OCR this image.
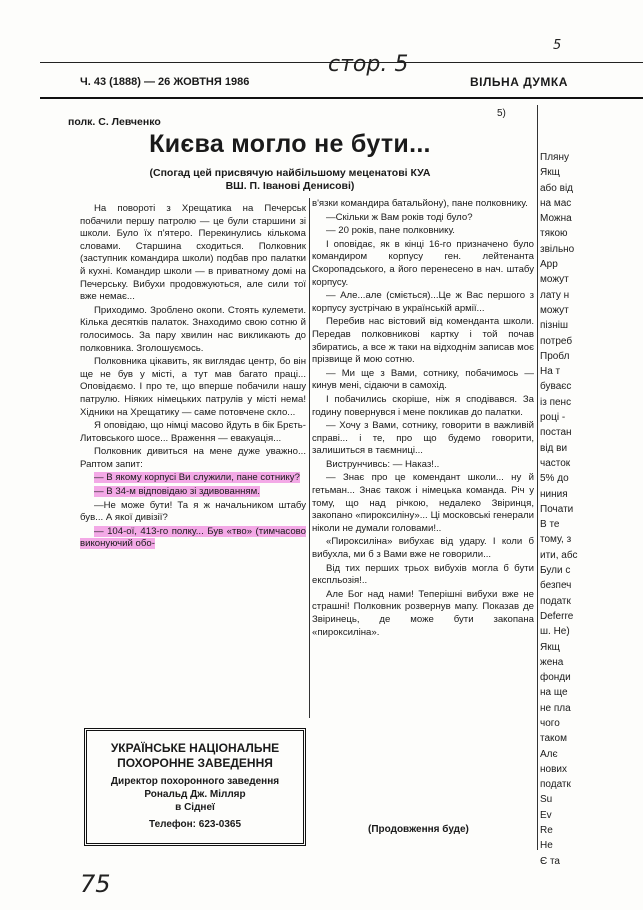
5
стор. 5
75
Ч. 43 (1888) — 26 ЖОВТНЯ 1986	ВІЛЬНА ДУМКА
полк. С. Левченко
5)
Києва могло не бути...
(Спогад цей присвячую найбільшому меценатові КУА
ВШ. П. Іванові Денисові)

На повороті з Хрещатика на Печерськ побачили першу патролю — це були старшини зі школи. Було їх п'ятеро. Перекинулись кількома словами. Старшина сходиться. Полковник (заступник командира школи) подбав про палатки й кухні. Командир школи — в приватному домі на Печерську. Вибухи продовжуються, але сили тої вже немає...

Приходимо. Зроблено окопи. Стоять кулемети. Кілька десятків палаток. Знаходимо свою сотню й голосимось. За пару хвилин нас викликають до полковника. Зголошуємось.

Полковника цікавить, як виглядає центр, бо він ще не був у місті, а тут мав багато праці... Оповідаємо. І про те, що вперше побачили нашу патрулю. Ніяких німецьких патрулів у місті нема! Хідники на Хрещатику — саме потовчене скло...

Я оповідаю, що німці масово йдуть в бік Брєть-Литовського шосе... Враження — евакуація...

Полковник дивиться на мене дуже уважно... Раптом запит:

— В якому корпусі Ви служили, пане сотнику?

— В 34-м відповідаю зі здивованням.

—Не може бути! Та я ж начальником штабу був... А якої дивізії?

— 104-ої, 413-го полку... Був «тво» (тимчасово виконуючий обо-

в'язки командира батальйону), пане полковнику.

—Скільки ж Вам років тоді було?

— 20 років, пане полковнику.

І оповідає, як в кінці 16-го призначено було командиром корпусу ген. лейтенанта Скоропадського, а його перенесено в нач. штабу корпусу.

— Але...але (сміється)...Це ж Вас першого з корпусу зустрічаю в українській армії...

Перебив нас вістовий від коменданта школи. Передав полковникові картку і той почав збиратись, а все ж таки на відходнім записав моє прізвище й мою сотню.

— Ми ще з Вами, сотнику, побачимось — кинув мені, сідаючи в самохід.

І побачились скоріше, ніж я сподівався. За годину повернувся і мене покликав до палатки.

— Хочу з Вами, сотнику, говорити в важливій справі... і те, про що будемо говорити, залишиться в таємниці...

Виструнчивсь: — Наказ!..

— Знає про це комендант школи... ну й гетьман... Знає також і німецька команда. Річ у тому, що над річкою, недалеко Звіринця, закопано «пироксиліну»... Ці московські генерали ніколи не думали головами!..

«Пироксиліна» вибухає від удару. І коли б вибухла, ми б з Вами вже не говорили...

Від тих перших трьох вибухів могла б бути експльозія!..

Але Бог над нами! Теперішні вибухи вже не страшні! Полковник розвернув мапу. Показав де Звіринець, де може бути закопана «пироксиліна».

Пляну
Якщ
або від
на мас
Можна
тякою
звільно
Арр
можут
лату н
можут
пізніш
потреб
Пробл
На т
буваєс
із пенс
році -
постан
від ви
часток
5% до
ниния
Почати
В те
тому, з
ити, абс
Були с
безпеч
податк
Deferre
ш. Не)
Якщ
жена
фонди
на ще
не пла
чого
таком
Алє
нових
податк
Su
Ev
Re
Не
Є та
УКРАЇНСЬКЕ НАЦІОНАЛЬНЕ
ПОХОРОННЕ ЗАВЕДЕННЯ
Директор похоронного заведення
Рональд Дж. Мілляр
в Сіднеї
Телефон: 623-0365	(Продовження буде)
